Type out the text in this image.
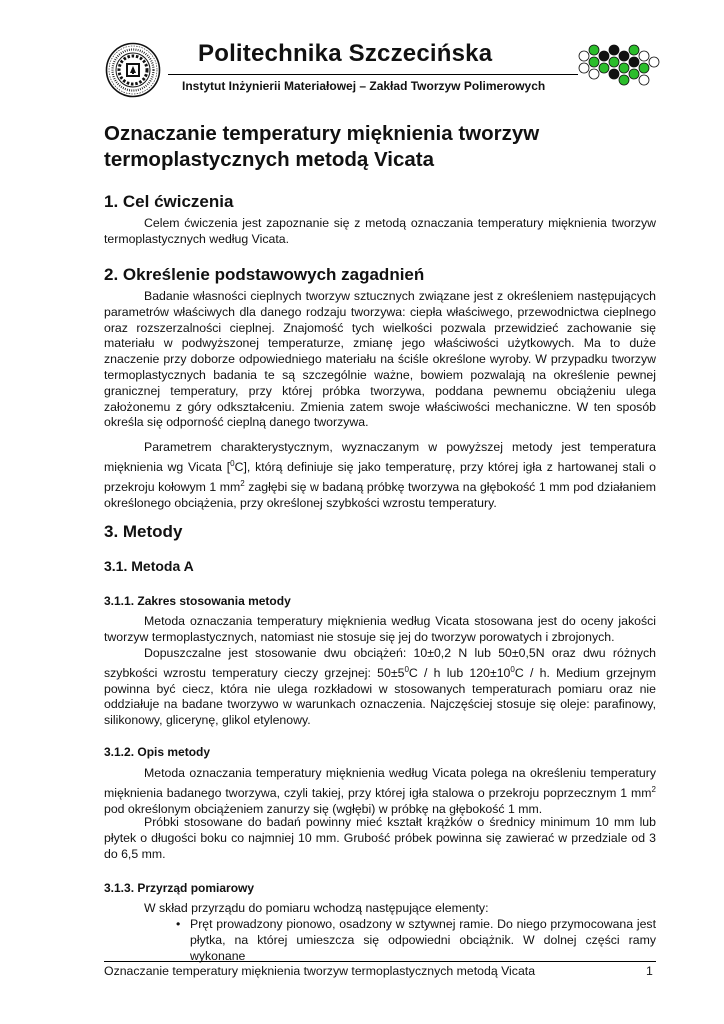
Politechnika Szczecińska
Instytut Inżynierii Materiałowej – Zakład Tworzyw Polimerowych
Oznaczanie temperatury mięknienia tworzyw
termoplastycznych metodą Vicata
1. Cel ćwiczenia

Celem ćwiczenia jest zapoznanie się z metodą oznaczania temperatury mięknienia tworzyw termoplastycznych według Vicata.

2. Określenie podstawowych zagadnień

Badanie własności cieplnych tworzyw sztucznych związane jest z określeniem następujących parametrów właściwych dla danego rodzaju tworzywa: ciepła właściwego, przewodnictwa cieplnego oraz rozszerzalności cieplnej. Znajomość tych wielkości pozwala przewidzieć zachowanie się materiału w podwyższonej temperaturze, zmianę jego właściwości użytkowych. Ma to duże znaczenie przy doborze odpowiedniego materiału na ściśle określone wyroby. W przypadku tworzyw termoplastycznych badania te są szczególnie ważne, bowiem pozwalają na określenie pewnej granicznej temperatury, przy której próbka tworzywa, poddana pewnemu obciążeniu ulega założonemu z góry odkształceniu. Zmienia zatem swoje właściwości mechaniczne. W ten sposób określa się odporność cieplną danego tworzywa.

Parametrem charakterystycznym, wyznaczanym w powyższej metody jest temperatura mięknienia wg Vicata [$^0$C], którą definiuje się jako temperaturę, przy której igła z hartowanej stali o przekroju kołowym 1 $mm^2$ zagłębi się w badaną próbkę tworzywa na głębokość 1 mm pod działaniem określonego obciążenia, przy określonej szybkości wzrostu temperatury.

3. Metody
3.1. Metoda A
3.1.1. Zakres stosowania metody

Metoda oznaczania temperatury mięknienia według Vicata stosowana jest do oceny jakości tworzyw termoplastycznych, natomiast nie stosuje się jej do tworzyw porowatych i zbrojonych.

Dopuszczalne jest stosowanie dwu obciążeń: 10±0,2 N lub 50±0,5N oraz dwu różnych szybkości wzrostu temperatury cieczy grzejnej: $50\pm 5^0C / h$ lub $120\pm 10^0C / h$. Medium grzejnym powinna być ciecz, która nie ulega rozkładowi w stosowanych temperaturach pomiaru oraz nie oddziałuje na badane tworzywo w warunkach oznaczenia. Najczęściej stosuje się oleje: parafinowy, silikonowy, glicerynę, glikol etylenowy.

3.1.2. Opis metody

Metoda oznaczania temperatury mięknienia według Vicata polega na określeniu temperatury mięknienia badanego tworzywa, czyli takiej, przy której igła stalowa o przekroju poprzecznym 1 $mm^2$ pod określonym obciążeniem zanurzy się (wgłębi) w próbkę na głębokość 1 mm.

Próbki stosowane do badań powinny mieć kształt krążków o średnicy minimum 10 mm lub płytek o długości boku co najmniej 10 mm. Grubość próbek powinna się zawierać w przedziale od 3 do 6,5 mm.

3.1.3. Przyrząd pomiarowy

W skład przyrządu do pomiaru wchodzą następujące elementy:

• Pręt prowadzony pionowo, osadzony w sztywnej ramie. Do niego przymocowana jest płytka, na której umieszcza się odpowiedni obciążnik. W dolnej części ramy wykonane

Oznaczanie temperatury mięknienia tworzyw termoplastycznych metodą Vicata	1
